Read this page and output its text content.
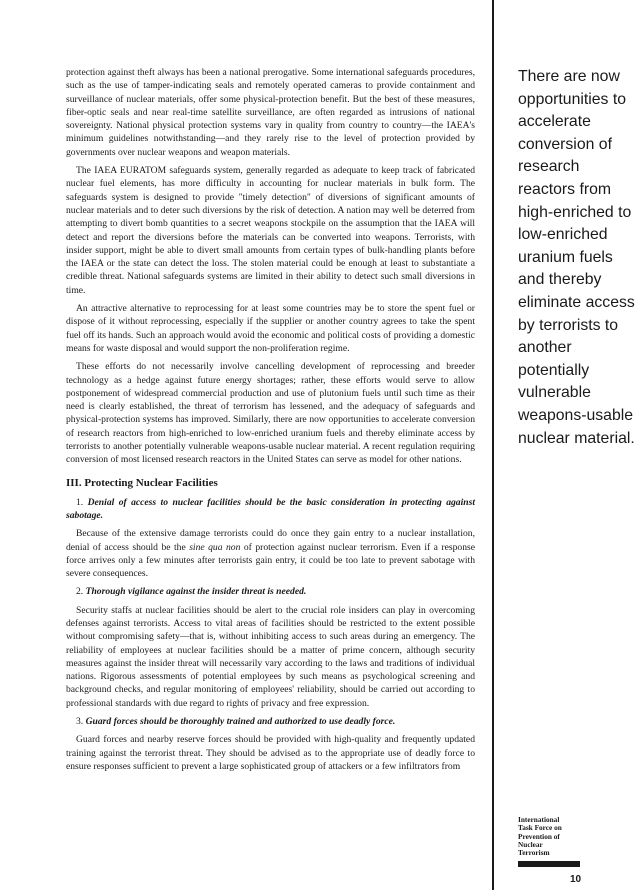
protection against theft always has been a national prerogative. Some international safeguards procedures, such as the use of tamper-indicating seals and remotely operated cameras to provide containment and surveillance of nuclear materials, offer some physical-protection benefit. But the best of these measures, fiber-optic seals and near real-time satellite surveillance, are often regarded as intrusions of national sovereignty. National physical protection systems vary in quality from country to country—the IAEA's minimum guidelines notwithstanding—and they rarely rise to the level of protection provided by governments over nuclear weapons and weapon materials.

The IAEA EURATOM safeguards system, generally regarded as adequate to keep track of fabricated nuclear fuel elements, has more difficulty in accounting for nuclear materials in bulk form. The safeguards system is designed to provide "timely detection" of diversions of significant amounts of nuclear materials and to deter such diversions by the risk of detection. A nation may well be deterred from attempting to divert bomb quantities to a secret weapons stockpile on the assumption that the IAEA will detect and report the diversions before the materials can be converted into weapons. Terrorists, with insider support, might be able to divert small amounts from certain types of bulk-handling plants before the IAEA or the state can detect the loss. The stolen material could be enough at least to substantiate a credible threat. National safeguards systems are limited in their ability to detect such small diversions in time.

An attractive alternative to reprocessing for at least some countries may be to store the spent fuel or dispose of it without reprocessing, especially if the supplier or another country agrees to take the spent fuel off its hands. Such an approach would avoid the economic and political costs of providing a domestic means for waste disposal and would support the non-proliferation regime.

These efforts do not necessarily involve cancelling development of reprocessing and breeder technology as a hedge against future energy shortages; rather, these efforts would serve to allow postponement of widespread commercial production and use of plutonium fuels until such time as their need is clearly established, the threat of terrorism has lessened, and the adequacy of safeguards and physical-protection systems has improved. Similarly, there are now opportunities to accelerate conversion of research reactors from high-enriched to low-enriched uranium fuels and thereby eliminate access by terrorists to another potentially vulnerable weapons-usable nuclear material. A recent regulation requiring conversion of most licensed research reactors in the United States can serve as model for other nations.

III. Protecting Nuclear Facilities

1. Denial of access to nuclear facilities should be the basic consideration in protecting against sabotage.

Because of the extensive damage terrorists could do once they gain entry to a nuclear installation, denial of access should be the sine qua non of protection against nuclear terrorism. Even if a response force arrives only a few minutes after terrorists gain entry, it could be too late to prevent sabotage with severe consequences.

2. Thorough vigilance against the insider threat is needed.

Security staffs at nuclear facilities should be alert to the crucial role insiders can play in overcoming defenses against terrorists. Access to vital areas of facilities should be restricted to the extent possible without compromising safety—that is, without inhibiting access to such areas during an emergency. The reliability of employees at nuclear facilities should be a matter of prime concern, although security measures against the insider threat will necessarily vary according to the laws and traditions of individual nations. Rigorous assessments of potential employees by such means as psychological screening and background checks, and regular monitoring of employees' reliability, should be carried out according to professional standards with due regard to rights of privacy and free expression.

3. Guard forces should be thoroughly trained and authorized to use deadly force.

Guard forces and nearby reserve forces should be provided with high-quality and frequently updated training against the terrorist threat. They should be advised as to the appropriate use of deadly force to ensure responses sufficient to prevent a large sophisticated group of attackers or a few infiltrators from

There are now opportunities to accelerate conversion of research reactors from high-enriched to low-enriched uranium fuels and thereby eliminate access by terrorists to another potentially vulnerable weapons-usable nuclear material.
International
Task Force on
Prevention of
Nuclear
Terrorism
10
